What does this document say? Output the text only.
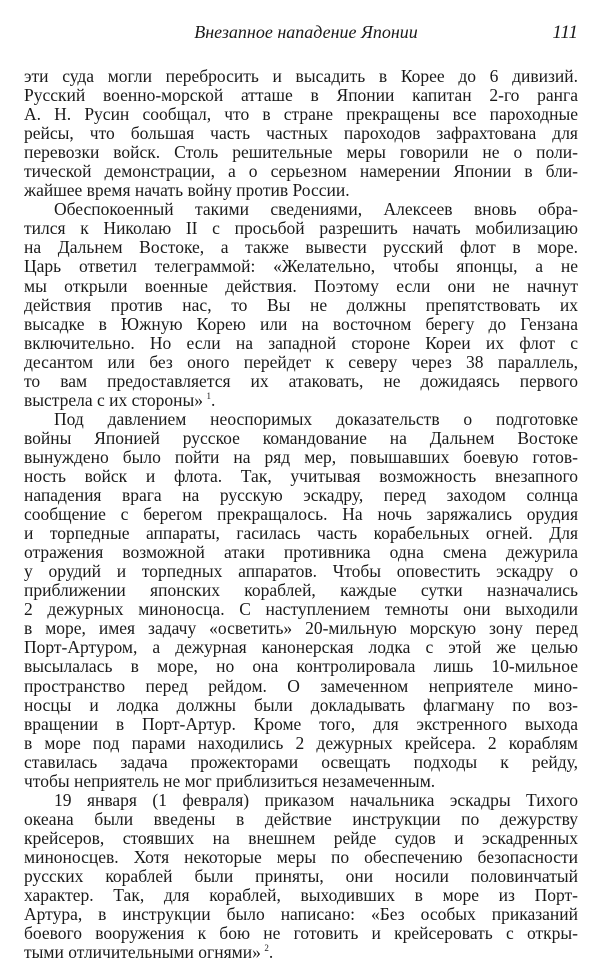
Внезапное нападение Японии	111
эти суда могли перебросить и высадить в Корее до 6 дивизий.
Русский военно-морской атташе в Японии капитан 2-го ранга
А. Н. Русин сообщал, что в стране прекращены все пароходные
рейсы, что большая часть частных пароходов зафрахтована для
перевозки войск. Столь решительные меры говорили не о поли-
тической демонстрации, а о серьезном намерении Японии в бли-
жайшее время начать войну против России.
Обеспокоенный такими сведениями, Алексеев вновь обра-
тился к Николаю II с просьбой разрешить начать мобилизацию
на Дальнем Востоке, а также вывести русский флот в море.
Царь ответил телеграммой: «Желательно, чтобы японцы, а не
мы открыли военные действия. Поэтому если они не начнут
действия против нас, то Вы не должны препятствовать их
высадке в Южную Корею или на восточном берегу до Гензана
включительно. Но если на западной стороне Кореи их флот с
десантом или без оного перейдет к северу через 38 параллель,
то вам предоставляется их атаковать, не дожидаясь первого
выстрела с их стороны»  $^1$.
Под давлением неоспоримых доказательств о подготовке
войны Японией русское командование на Дальнем Востоке
вынуждено было пойти на ряд мер, повышавших боевую готов-
ность войск и флота. Так, учитывая возможность внезапного
нападения врага на русскую эскадру, перед заходом солнца
сообщение с берегом прекращалось. На ночь заряжались орудия
и торпедные аппараты, гасилась часть корабельных огней. Для
отражения возможной атаки противника одна смена дежурила
у орудий и торпедных аппаратов. Чтобы оповестить эскадру о
приближении японских кораблей, каждые сутки назначались
2 дежурных миноносца. С наступлением темноты они выходили
в море, имея задачу «осветить» 20-мильную морскую зону перед
Порт-Артуром, а дежурная канонерская лодка с этой же целью
высылалась в море, но она контролировала лишь 10-мильное
пространство перед рейдом. О замеченном неприятеле мино-
носцы и лодка должны были докладывать флагману по воз-
вращении в Порт-Артур. Кроме того, для экстренного выхода
в море под парами находились 2 дежурных крейсера. 2 кораблям
ставилась задача прожекторами освещать подходы к рейду,
чтобы неприятель не мог приблизиться незамеченным.
19 января (1 февраля) приказом начальника эскадры Тихого
океана были введены в действие инструкции по дежурству
крейсеров, стоявших на внешнем рейде судов и эскадренных
миноносцев. Хотя некоторые меры по обеспечению безопасности
русских кораблей были приняты, они носили половинчатый
характер. Так, для кораблей, выходивших в море из Порт-
Артура, в инструкции было написано: «Без особых приказаний
боевого вооружения к бою не готовить и крейсеровать с откры-
тыми отличительными огнями»  $^2$.
